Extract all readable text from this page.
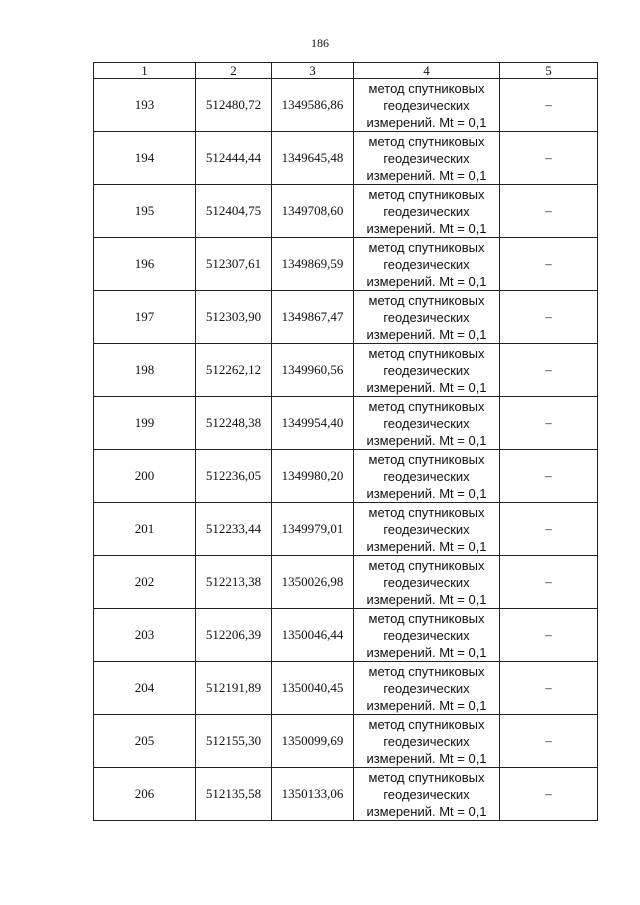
186
1	2	3	4	5
193	512480,72	1349586,86	метод спутниковых
геодезических
измерений. Mt = 0,1	–
194	512444,44	1349645,48	метод спутниковых
геодезических
измерений. Mt = 0,1	–
195	512404,75	1349708,60	метод спутниковых
геодезических
измерений. Mt = 0,1	–
196	512307,61	1349869,59	метод спутниковых
геодезических
измерений. Mt = 0,1	–
197	512303,90	1349867,47	метод спутниковых
геодезических
измерений. Mt = 0,1	–
198	512262,12	1349960,56	метод спутниковых
геодезических
измерений. Mt = 0,1	–
199	512248,38	1349954,40	метод спутниковых
геодезических
измерений. Mt = 0,1	–
200	512236,05	1349980,20	метод спутниковых
геодезических
измерений. Mt = 0,1	–
201	512233,44	1349979,01	метод спутниковых
геодезических
измерений. Mt = 0,1	–
202	512213,38	1350026,98	метод спутниковых
геодезических
измерений. Mt = 0,1	–
203	512206,39	1350046,44	метод спутниковых
геодезических
измерений. Mt = 0,1	–
204	512191,89	1350040,45	метод спутниковых
геодезических
измерений. Mt = 0,1	–
205	512155,30	1350099,69	метод спутниковых
геодезических
измерений. Mt = 0,1	–
206	512135,58	1350133,06	метод спутниковых
геодезических
измерений. Mt = 0,1	–
